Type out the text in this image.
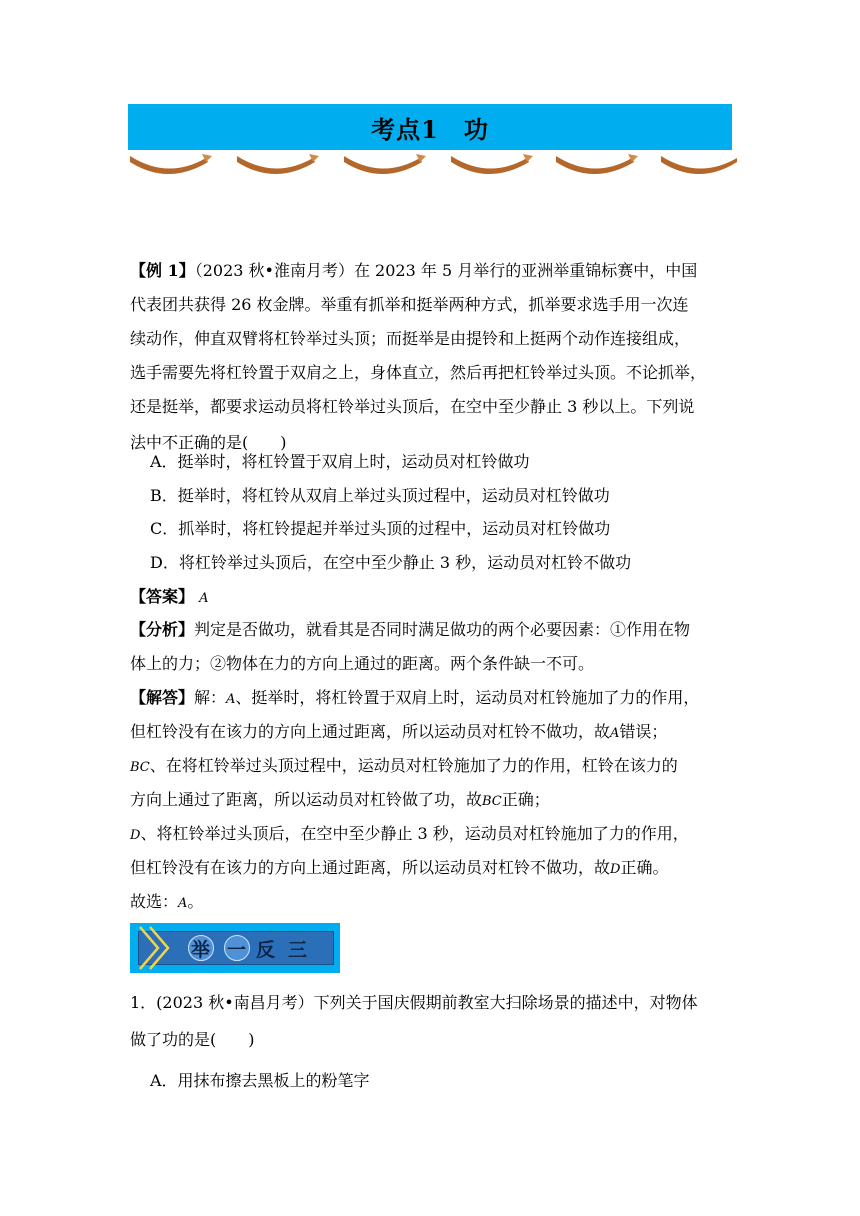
考点1　功
【例 1】（2023 秋•淮南月考）在 2023 年 5 月举行的亚洲举重锦标赛中，中国
代表团共获得 26 枚金牌。举重有抓举和挺举两种方式，抓举要求选手用一次连
续动作，伸直双臂将杠铃举过头顶；而挺举是由提铃和上挺两个动作连接组成，
选手需要先将杠铃置于双肩之上，身体直立，然后再把杠铃举过头顶。不论抓举，
还是挺举，都要求运动员将杠铃举过头顶后，在空中至少静止 3 秒以上。下列说
法中不正确的是(　　)
A．挺举时，将杠铃置于双肩上时，运动员对杠铃做功
B．挺举时，将杠铃从双肩上举过头顶过程中，运动员对杠铃做功
C．抓举时，将杠铃提起并举过头顶的过程中，运动员对杠铃做功
D．将杠铃举过头顶后，在空中至少静止 3 秒，运动员对杠铃不做功
【答案】 A
【分析】判定是否做功，就看其是否同时满足做功的两个必要因素：①作用在物
体上的力；②物体在力的方向上通过的距离。两个条件缺一不可。
【解答】解：A、挺举时，将杠铃置于双肩上时，运动员对杠铃施加了力的作用，
但杠铃没有在该力的方向上通过距离，所以运动员对杠铃不做功，故A错误；
BC、在将杠铃举过头顶过程中，运动员对杠铃施加了力的作用，杠铃在该力的
方向上通过了距离，所以运动员对杠铃做了功，故BC正确；
D、将杠铃举过头顶后，在空中至少静止 3 秒，运动员对杠铃施加了力的作用，
但杠铃没有在该力的方向上通过距离，所以运动员对杠铃不做功，故D正确。
故选：A。
举 一 反 三
1．(2023 秋•南昌月考）下列关于国庆假期前教室大扫除场景的描述中，对物体
做了功的是(　　)
A．用抹布擦去黑板上的粉笔字
